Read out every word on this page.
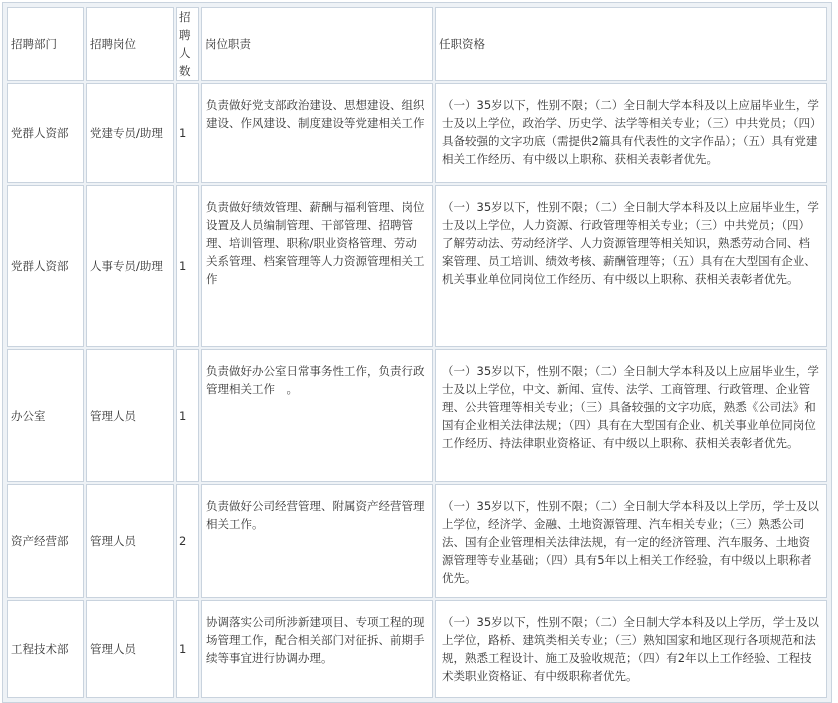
招聘部门	招聘岗位	招聘人数	岗位职责	任职资格
党群人资部	党建专员/助理	1	负责做好党支部政治建设、思想建设、组织建设、作风建设、制度建设等党建相关工作	（一）35岁以下，性别不限；（二）全日制大学本科及以上应届毕业生，学士及以上学位，政治学、历史学、法学等相关专业；（三）中共党员；（四）具备较强的文字功底（需提供2篇具有代表性的文字作品）；（五）具有党建相关工作经历、有中级以上职称、获相关表彰者优先。
党群人资部	人事专员/助理	1	负责做好绩效管理、薪酬与福利管理、岗位设置及人员编制管理、干部管理、招聘管理、培训管理、职称/职业资格管理、劳动关系管理、档案管理等人力资源管理相关工作	（一）35岁以下，性别不限；（二）全日制大学本科及以上应届毕业生，学士及以上学位，人力资源、行政管理等相关专业；（三）中共党员；（四）了解劳动法、劳动经济学、人力资源管理等相关知识，熟悉劳动合同、档案管理、员工培训、绩效考核、薪酬管理等；（五）具有在大型国有企业、机关事业单位同岗位工作经历、有中级以上职称、获相关表彰者优先。
办公室	管理人员	1	负责做好办公室日常事务性工作，负责行政管理相关工作　。	（一）35岁以下，性别不限；（二）全日制大学本科及以上应届毕业生，学士及以上学位，中文、新闻、宣传、法学、工商管理、行政管理、企业管理、公共管理等相关专业；（三）具备较强的文字功底，熟悉《公司法》和国有企业相关法律法规；（四）具有在大型国有企业、机关事业单位同岗位工作经历、持法律职业资格证、有中级以上职称、获相关表彰者优先。
资产经营部	管理人员	2	负责做好公司经营管理、附属资产经营管理相关工作。	（一）35岁以下，性别不限；（二）全日制大学本科及以上学历，学士及以上学位，经济学、金融、土地资源管理、汽车相关专业；（三）熟悉公司法、国有企业管理相关法律法规，有一定的经济管理、汽车服务、土地资源管理等专业基础；（四）具有5年以上相关工作经验，有中级以上职称者优先。
工程技术部	管理人员	1	协调落实公司所涉新建项目、专项工程的现场管理工作，配合相关部门对征拆、前期手续等事宜进行协调办理。	（一）35岁以下，性别不限；（二）全日制大学本科及以上学历，学士及以上学位，路桥、建筑类相关专业；（三）熟知国家和地区现行各项规范和法规，熟悉工程设计、施工及验收规范；（四）有2年以上工作经验、工程技术类职业资格证、有中级职称者优先。
